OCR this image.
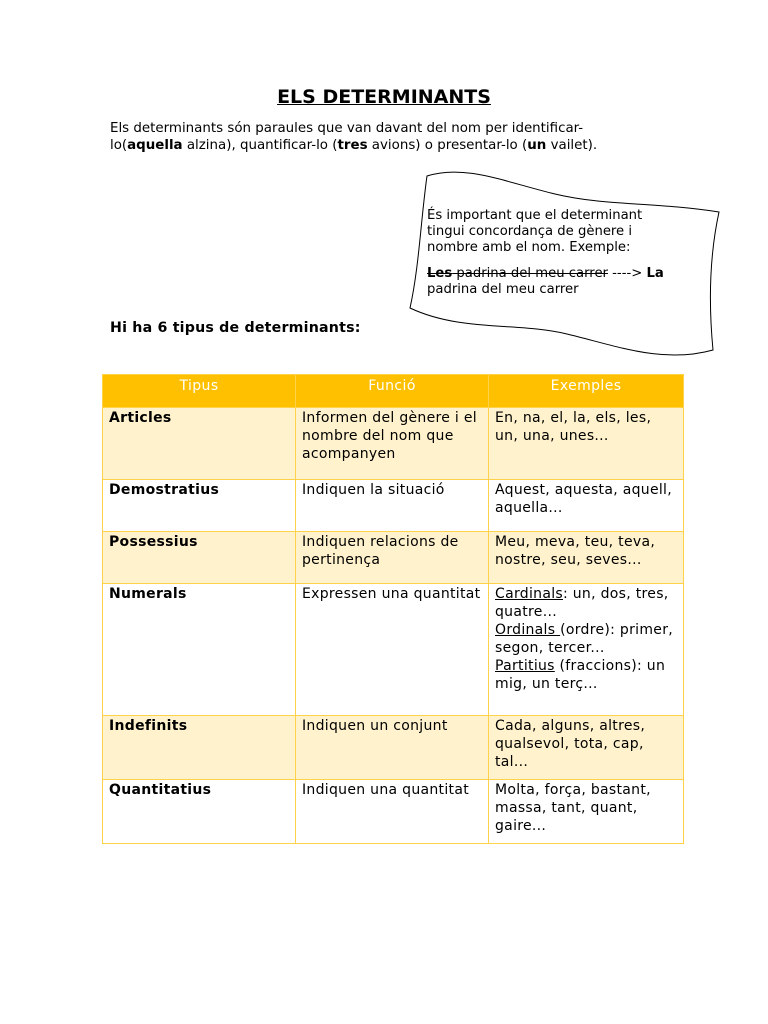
ELS DETERMINANTS
Els determinants són paraules que van davant del nom per identificar-lo(aquella alzina), quantificar-lo (tres avions) o presentar-lo (un vailet).

És important que el determinant tingui concordança de gènere i nombre amb el nom. Exemple:

Les padrina del meu carrer ----> La padrina del meu carrer

Hi ha 6 tipus de determinants:
Tipus	Funció	Exemples
Articles	Informen del gènere i el nombre del nom que acompanyen	En, na, el, la, els, les, un, una, unes...
Demostratius	Indiquen la situació	Aquest, aquesta, aquell, aquella...
Possessius	Indiquen relacions de pertinença	Meu, meva, teu, teva, nostre, seu, seves...
Numerals	Expressen una quantitat	Cardinals: un, dos, tres, quatre...
Ordinals (ordre): primer, segon, tercer...
Partitius (fraccions): un mig, un terç...
Indefinits	Indiquen un conjunt	Cada, alguns, altres, qualsevol, tota, cap, tal...
Quantitatius	Indiquen una quantitat	Molta, força, bastant, massa, tant, quant, gaire...
